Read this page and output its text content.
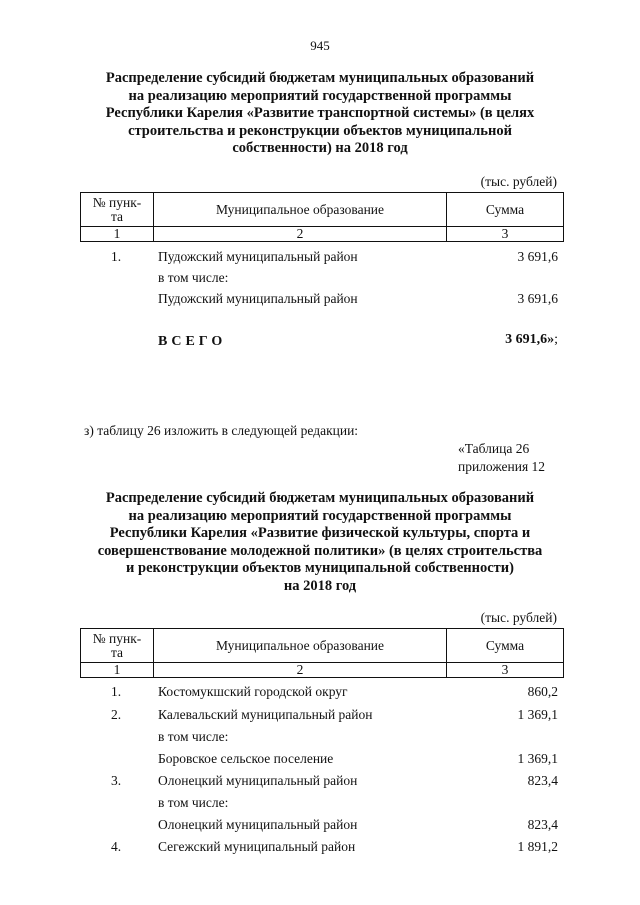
945
Распределение субсидий бюджетам муниципальных образований
на реализацию мероприятий государственной программы
Республики Карелия «Развитие транспортной системы» (в целях
строительства и реконструкции объектов муниципальной
собственности) на 2018 год
(тыс. рублей)
№ пунк-
та	Муниципальное образование	Сумма
1	2	3
1.	Пудожский муниципальный район	3 691,6
в том числе:
Пудожский муниципальный район	3 691,6
ВСЕГО	3 691,6»;
з) таблицу 26 изложить в следующей редакции:
«Таблица 26
приложения 12
Распределение субсидий бюджетам муниципальных образований
на реализацию мероприятий государственной программы
Республики Карелия «Развитие физической культуры, спорта и
совершенствование молодежной политики» (в целях строительства
и реконструкции объектов муниципальной собственности)
на 2018 год
(тыс. рублей)
№ пунк-
та	Муниципальное образование	Сумма
1	2	3
1.	Костомукшский городской округ	860,2
2.	Калевальский муниципальный район	1 369,1
в том числе:
Боровское сельское поселение	1 369,1
3.	Олонецкий муниципальный район	823,4
в том числе:
Олонецкий муниципальный район	823,4
4.	Сегежский муниципальный район	1 891,2
